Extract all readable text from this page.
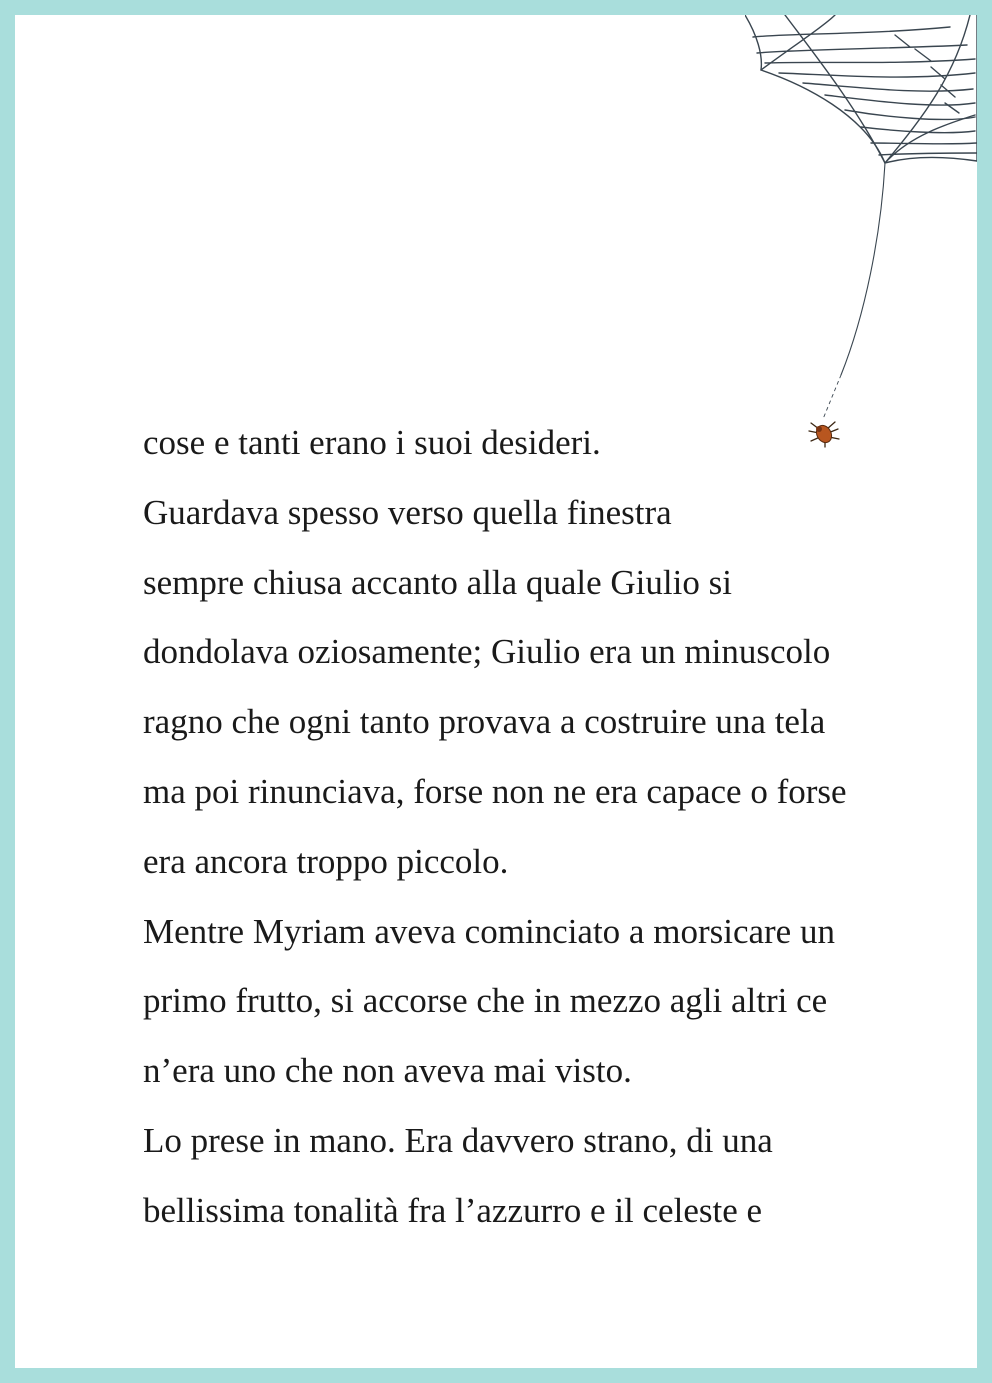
cose e tanti erano i suoi desideri.
Guardava spesso verso quella finestra
sempre chiusa accanto alla quale Giulio si
dondolava oziosamente; Giulio era un minuscolo
ragno che ogni tanto provava a costruire una tela
ma poi rinunciava, forse non ne era capace o forse
era ancora troppo piccolo.
Mentre Myriam aveva cominciato a morsicare un
primo frutto, si accorse che in mezzo agli altri ce
n’era uno che non aveva mai visto.
Lo prese in mano. Era davvero strano, di una
bellissima tonalità fra l’azzurro e il celeste e
